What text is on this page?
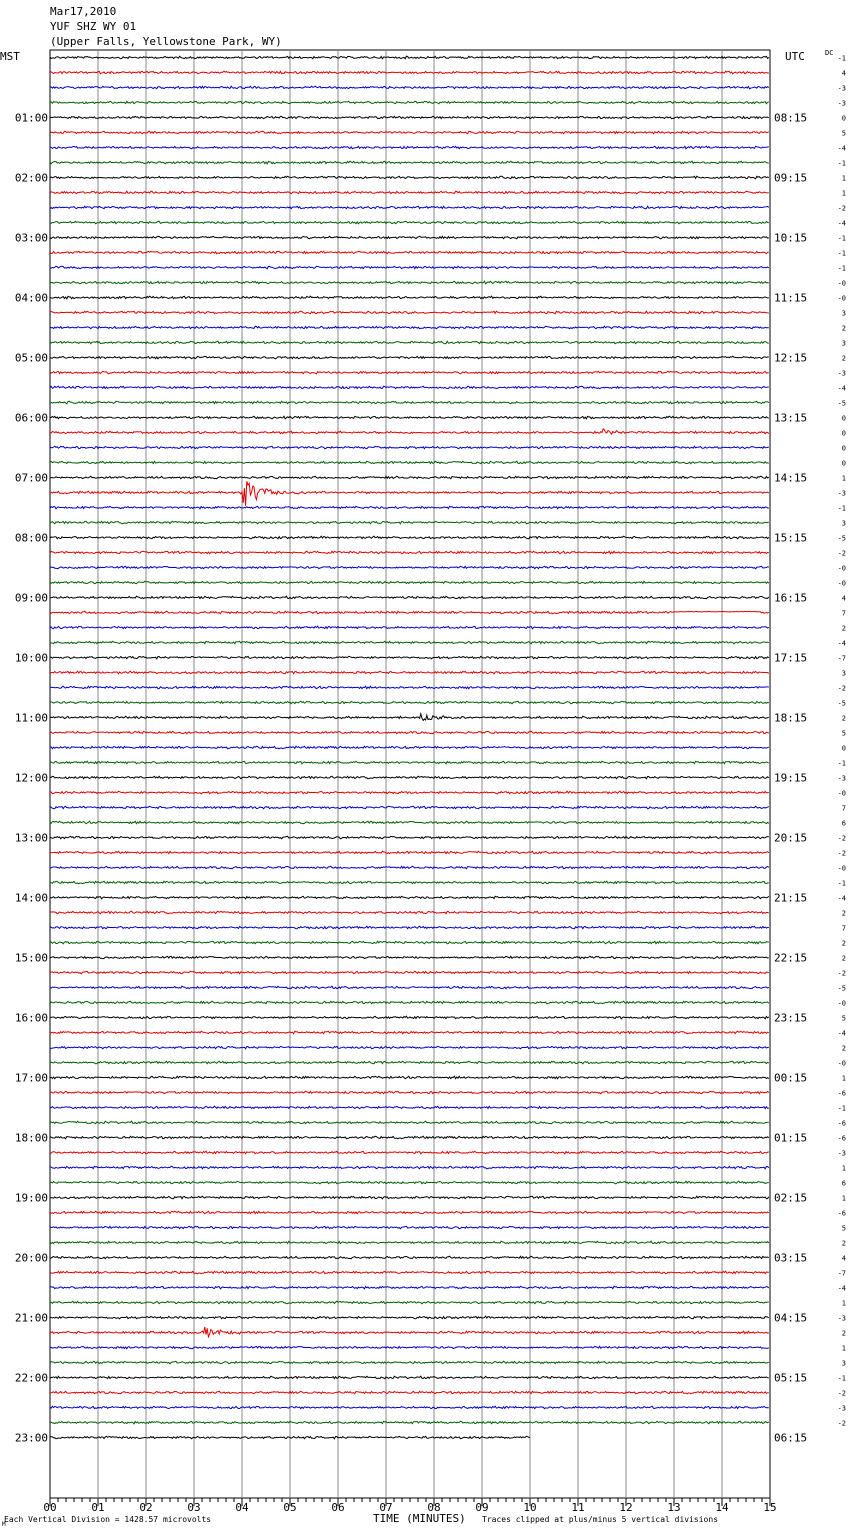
Mar17,2010
YUF SHZ WY 01
(Upper Falls, Yellowstone Park, WY)
MST	UTC	DC
-1
4
-3
-3
0
5
-4
-1
1
1
-2
-4
-1
-1
-1
-0
-0
3
2
3
2
-3
-4
-5
0
0
0
0
1
-3
-1
3
-5
-2
-0
-0
4
7
2
-4
-7
3
-2
-5
2
5
0
-1
-3
-0
7
6
-2
-2
-0
-1
-4
2
7
2
2
-2
-5
-0
5
-4
2
-0
1
-6
-1
-6
-6
-3
1
6
1
-6
5
2
4
-7
-4
1
-3
2
1
3
-1
-2
-3
-2
01:00
02:00
03:00
04:00
05:00
06:00
07:00
08:00
09:00
10:00
11:00
12:00
13:00
14:00
15:00
16:00
17:00
18:00
19:00
20:00
21:00
22:00
23:00
08:15
09:15
10:15
11:15
12:15
13:15
14:15
15:15
16:15
17:15
18:15
19:15
20:15
21:15
22:15
23:15
00:15
01:15
02:15
03:15
04:15
05:15
06:15
00	01	02	03	04	05	06	07	08	09	10	11	12	13	14	15
Each Vertical Division = 1428.57 microvolts	TIME (MINUTES) Traces clipped at plus/minus 5 vertical divisions
M
